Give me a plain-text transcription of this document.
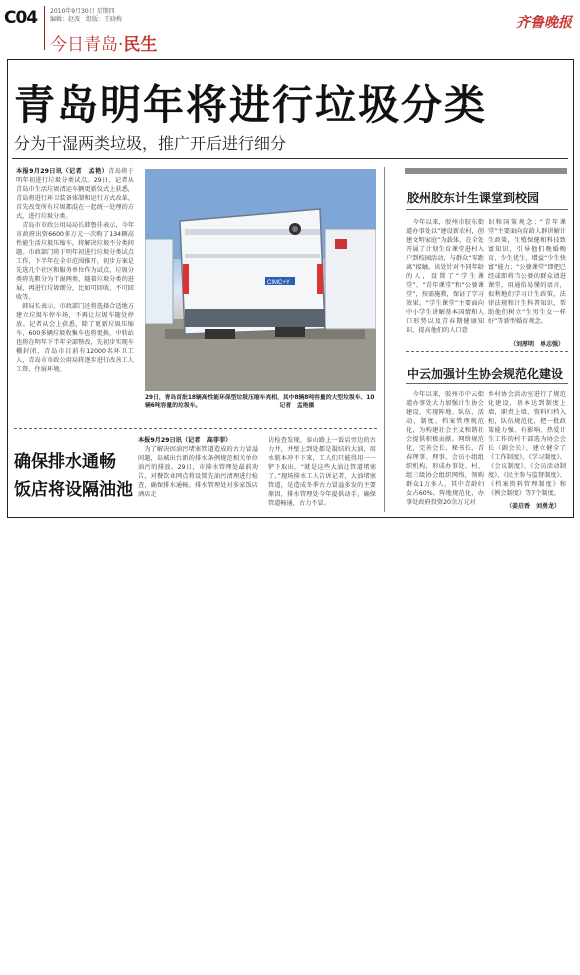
C04 2010年9月30日 星期四
编辑：赵波　组版：王晓梅
今日青岛·民生
齐鲁晚报
青岛明年将进行垃圾分类
分为干湿两类垃圾，推广开后进行细分

本报9月29日讯（记者　孟艳）青岛将于明年初进行垃圾分类试点。29日，记者从青岛市生活垃圾清运车辆更新仪式上获悉，青岛将进行环卫装备体制和运行方式改革，首先改变所有垃圾都混在一起统一处理的方式，进行垃圾分类。

　青岛市市政公用局局长韩鲁佳表示，今年市政府出资6600多万元一次购了134辆高性能生活垃圾压缩车，将解决垃圾不分类问题。市政部门将于明年初进行垃圾分类试点工作，下半年在全市范围推开，初步方案是先选几个社区和服务单位作为试点，垃圾分类将先粗分为干湿两类，随着垃圾分类的进展，再进行垃圾细分，比如可回收、不可回收等。

　韩局长表示，市政部门还将选择合适地方建立垃圾车停车场，不再让垃圾车随处停放。记者从会上获悉，除了更新垃圾压缩车，600多辆垃圾收集车也将更换，中转站也将在明年下半年全部整改，先初步实现车棚封闭，青岛市目前有12000名环卫工人，青岛市市政公用局将逐步进行改善工人工资、住宿环境。

CIMC+Y
29日，青岛首批18辆高性能环保型垃圾压缩车亮相，其中8辆8吨容量的大型垃圾车、10辆6吨容量的垃圾车。　　　　　　　　　　　　　　记者　孟艳摄
确保排水通畅
饭店将设隔油池

本报9月29日讯（记者　高菲菲）

　为了解决因油污堵塞管道造成的古力冒溢问题，岛城出台新的排水条例规范相关单位油污的排放。29日，市排水管理处最前劝告，对餐饮业网点将设置先油污清理进行检查，确保排水通畅。排水管理处对多家饭店酒店走

访检查发现，泰山路上一饭店旁边的古力井，井壁上到处都是凝结的大油，用水瓶本冲不下来，工人们只能得用一一铲下取出。“就是这些大油让管道堵塞了。”现场排水工人告诉记者，大油堵塞管道，是造成冬季古力冒溢多发的主要原因，排水管理处今年提供动手，确保管道畅通，古力不冒。

胶州胶东计生课堂到校园

　今年以来，胶州市胶东街道办事处以“建设新农村，创建文明家庭”为载体，在全处开展了计划生育课堂进村入户到校园活动，与群众“零距离”接触。该处针对不同年龄的人，设置了“学生课堂”、“青年课堂”和“公婆课堂”，按需施教，保证了学习效果。“学生课堂”主要面向中小学生讲解基本国情和人口形势以及青春期健康知识，提高他们的人口意

识和国策观念；“青年课堂”主要面向育龄人群讲解计生政策，生殖保健和科技致富知识，引导他们晚婚晚育、少生优生，增益“少生快富”能力；“公婆课堂”即把已经或即将当公婆的群众请进课堂，用通俗易懂的语言，很利地们学习计生政策，法律法规和计生科普知识，帮助他们树立“生男生女一样好”等新型婚育观念。

（刘厚明　单志强）
中云加强计生协会规范化建设

　今年以来，胶州市中云街道办事处大力加强计生协会建设，实现阵地、队伍、活动、制度、档案管理规范化，为构建社会主义和谐社会提供积极贡献。网络规范化，完善会长、秘书长、青春理事、理事、会员小组组织机构，形成办事处、村、组三级协会组织网络，领购群众1万多人，其中青龄妇女占60%，阵地规范化，办事处政府投资20余万元对

乡村协会活动室进行了规范化建设，基本达到制度上墙，职责上墙，资料归档入柜，队伍规范化，把一批政策能力强、有影响、热爱计生工作的村干部选为协会会长（副会长），建立健全了《工作制度》、《学习制度》、《会议制度》、《会员活动制度》、《民主参与监督制度》、《档案资料管理制度》和《例会制度》等7个制度。

（姜启香　刘勇龙）
